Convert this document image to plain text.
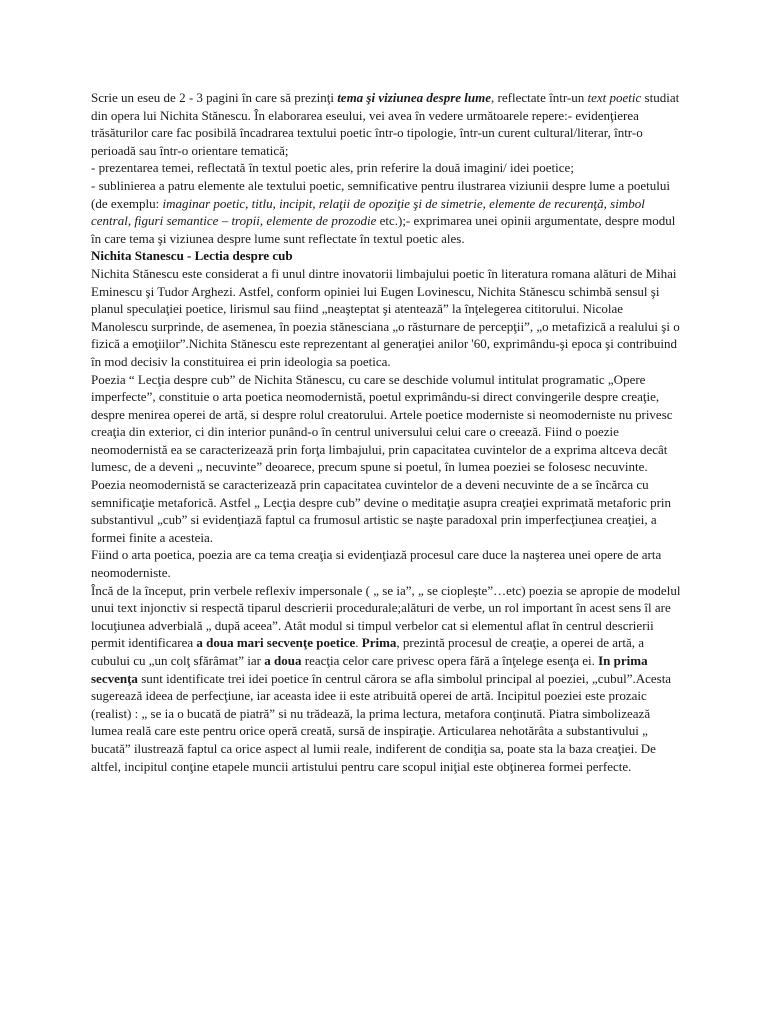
Scrie un eseu de 2 - 3 pagini în care să prezinţi tema şi viziunea despre lume, reflectate într-un text poetic studiat din opera lui Nichita Stănescu. În elaborarea eseului, vei avea în vedere următoarele repere:- evidenţierea trăsăturilor care fac posibilă încadrarea textului poetic într-o tipologie, într-un curent cultural/literar, într-o perioadă sau într-o orientare tematică;
- prezentarea temei, reflectată în textul poetic ales, prin referire la două imagini/ idei poetice;
- sublinierea a patru elemente ale textului poetic, semnificative pentru ilustrarea viziunii despre lume a poetului (de exemplu: imaginar poetic, titlu, incipit, relaţii de opoziţie şi de simetrie, elemente de recurenţă, simbol central, figuri semantice – tropii, elemente de prozodie etc.);- exprimarea unei opinii argumentate, despre modul în care tema şi viziunea despre lume sunt reflectate în textul poetic ales.

Nichita Stanescu - Lectia despre cub

Nichita Stănescu este considerat a fi unul dintre inovatorii limbajului poetic în literatura romana alături de Mihai Eminescu şi Tudor Arghezi. Astfel, conform opiniei lui Eugen Lovinescu, Nichita Stănescu schimbă sensul şi planul speculaţiei poetice, lirismul sau fiind „neaşteptat şi atentează” la înţelegerea cititorului. Nicolae Manolescu surprinde, de asemenea, în poezia stănesciana „o răsturnare de percepţii”, „o metafizică a realului şi o fizică a emoţiilor”.Nichita Stănescu este reprezentant al generaţiei anilor '60, exprimându-şi epoca şi contribuind în mod decisiv la constituirea ei prin ideologia sa poetica.

Poezia “ Lecţia despre cub” de Nichita Stănescu, cu care se deschide volumul intitulat programatic „Opere imperfecte”, constituie o arta poetica neomodernistă, poetul exprimându-si direct convingerile despre creaţie, despre menirea operei de artă, si despre rolul creatorului. Artele poetice moderniste si neomoderniste nu privesc creaţia din exterior, ci din interior punând-o în centrul universului celui care o creează. Fiind o poezie neomodernistă ea se caracterizează prin forţa limbajului, prin capacitatea cuvintelor de a exprima altceva decât lumesc, de a deveni „ necuvinte” deoarece, precum spune si poetul, în lumea poeziei se folosesc necuvinte. Poezia neomodernistă se caracterizează prin capacitatea cuvintelor de a deveni necuvinte de a se încărca cu semnificaţie metaforică. Astfel „ Lecţia despre cub” devine o meditaţie asupra creaţiei exprimată metaforic prin substantivul „cub” si evidenţiază faptul ca frumosul artistic se naşte paradoxal prin imperfecţiunea creaţiei, a formei finite a acesteia.

Fiind o arta poetica, poezia are ca tema creaţia si evidenţiază procesul care duce la naşterea unei opere de arta neomoderniste.
Încă de la început, prin verbele reflexiv impersonale ( „ se ia”, „ se cioplește”…etc) poezia se apropie de modelul unui text injonctiv si respectă tiparul descrierii procedurale;alături de verbe, un rol important în acest sens îl are locuţiunea adverbială „ după aceea”. Atât modul si timpul verbelor cat si elementul aflat în centrul descrierii permit identificarea a doua mari secvenţe poetice. Prima, prezintă procesul de creaţie, a operei de artă, a cubului cu „un colţ sfărâmat” iar a doua reacţia celor care privesc opera fără a înţelege esenţa ei. In prima secvenţa sunt identificate trei idei poetice în centrul cărora se afla simbolul principal al poeziei, „cubul”.Acesta sugerează ideea de perfecţiune, iar aceasta idee ii este atribuită operei de artă. Incipitul poeziei este prozaic (realist) : „ se ia o bucată de piatră” si nu trădează, la prima lectura, metafora conţinută. Piatra simbolizează lumea reală care este pentru orice operă creată, sursă de inspiraţie. Articularea nehotărâta a substantivului „ bucată” ilustrează faptul ca orice aspect al lumii reale, indiferent de condiţia sa, poate sta la baza creaţiei. De altfel, incipitul conţine etapele muncii artistului pentru care scopul iniţial este obţinerea formei perfecte.
